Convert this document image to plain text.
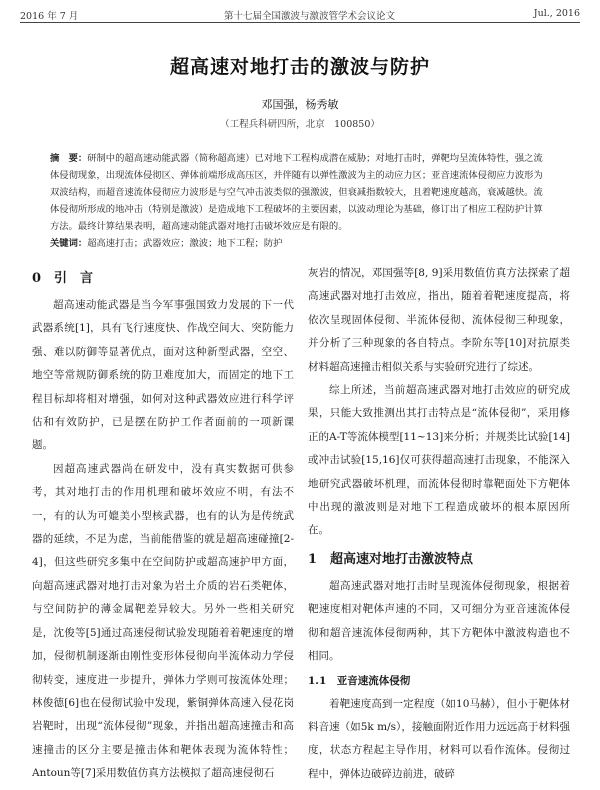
2016 年 7 月	第十七届全国激波与激波管学术会议论文	Jul., 2016
超高速对地打击的激波与防护
邓国强，杨秀敏
（工程兵科研四所，北京　100850）
摘　要：研制中的超高速动能武器（简称超高速）已对地下工程构成潜在威胁；对地打击时，弹靶均呈流体特性，强之流体侵彻现象，出现流体侵彻区、弹体前端形成高压区，并伴随有以弹性激波为主的动应力区；亚音速流体侵彻应力波形为双波结构，而超音速流体侵彻应力波形是与空气冲击波类似的强激波，但衰减指数较大，且着靶速度越高，衰减越快。流体侵彻所形成的地冲击（特别是激波）是造成地下工程破坏的主要因素，以波动理论为基础，修订出了相应工程防护计算方法。最终计算结果表明，超高速动能武器对地打击破坏效应是有限的。
关键词：超高速打击；武器效应；激波；地下工程；防护
0　引　言

超高速动能武器是当今军事强国致力发展的下一代武器系统[1]，具有飞行速度快、作战空间大、突防能力强、难以防御等显著优点，面对这种新型武器，空空、地空等常规防御系统的防卫难度加大，而固定的地下工程目标却将相对增强，如何对这种武器效应进行科学评估和有效防护，已是摆在防护工作者面前的一项新课题。

因超高速武器尚在研发中，没有真实数据可供参考，其对地打击的作用机理和破坏效应不明，有法不一，有的认为可媲美小型核武器，也有的认为是传统武器的延续，不足为虑，当前能借鉴的就是超高速碰撞[2-4]，但这些研究多集中在空间防护或超高速护甲方面，向超高速武器对地打击对象为岩土介质的岩石类靶体，与空间防护的薄金属靶差异较大。另外一些相关研究是，沈俊等[5]通过高速侵彻试验发现随着着靶速度的增加，侵彻机制逐渐由刚性变形体侵彻向半流体动力学侵彻转变，速度进一步提升，弹体力学则可按流体处理；林俊德[6]也在侵彻试验中发现，紫铜弹体高速入侵花岗岩靶时，出现“流体侵彻”现象，并指出超高速撞击和高速撞击的区分主要是撞击体和靶体表现为流体特性；Antoun等[7]采用数值仿真方法模拟了超高速侵彻石

灰岩的情况，邓国强等[8, 9]采用数值仿真方法探索了超高速武器对地打击效应，指出，随着着靶速度提高，将依次呈现固体侵彻、半流体侵彻、流体侵彻三种现象，并分析了三种现象的各自特点。李阶东等[10]对抗原类材料超高速撞击相似关系与实验研究进行了综述。

综上所述，当前超高速武器对地打击效应的研究成果，只能大致推测出其打击特点是“流体侵彻”，采用修正的A-T等流体模型[11~13]来分析；并规类比试验[14]或冲击试验[15,16]仅可获得超高速打击现象，不能深入地研究武器破坏机理，而流体侵彻时靠靶面处下方靶体中出现的激波则是对地下工程造成破坏的根本原因所在。

1　超高速对地打击激波特点

超高速武器对地打击时呈现流体侵彻现象，根据着靶速度相对靶体声速的不同，又可细分为亚音速流体侵彻和超音速流体侵彻两种，其下方靶体中激波构造也不相同。

1.1　亚音速流体侵彻

着靶速度高到一定程度（如10马赫），但小于靶体材料音速（如5k m/s），接触面附近作用力远远高于材料强度，状态方程起主导作用，材料可以看作流体。侵彻过程中，弹体边破碎边前进，破碎
